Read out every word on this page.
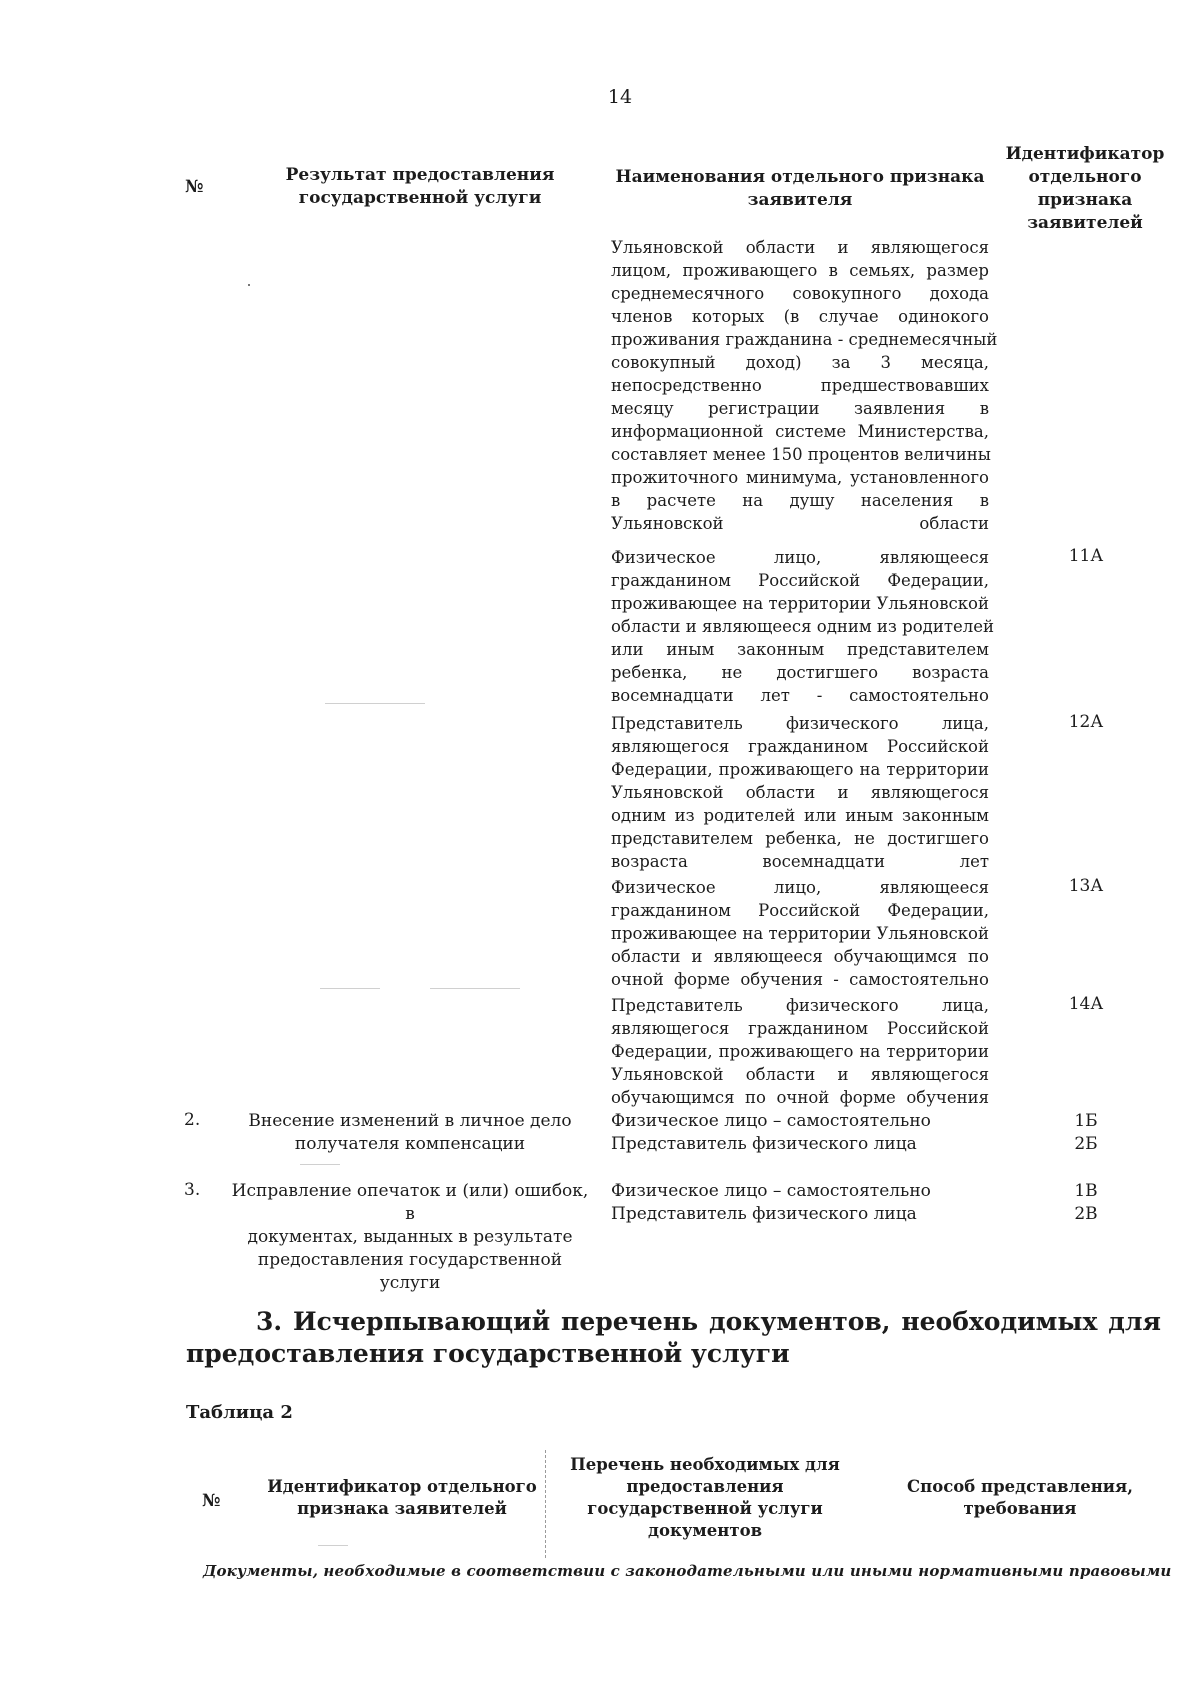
14
№
Результат предоставления
государственной услуги
Наименования отдельного признака
заявителя
Идентификатор
отдельного
признака
заявителей
Ульяновской области и являющегося
лицом, проживающего в семьях, размер
среднемесячного совокупного дохода
членов которых (в случае одинокого
проживания гражданина - среднемесячный
совокупный доход) за 3 месяца,
непосредственно предшествовавших
месяцу регистрации заявления в
информационной системе Министерства,
составляет менее 150 процентов величины
прожиточного минимума, установленного
в расчете на душу населения в
Ульяновской области
Физическое лицо, являющееся
гражданином Российской Федерации,
проживающее на территории Ульяновской
области и являющееся одним из родителей
или иным законным представителем
ребенка, не достигшего возраста
восемнадцати лет - самостоятельно
11А
Представитель физического лица,
являющегося гражданином Российской
Федерации, проживающего на территории
Ульяновской области и являющегося
одним из родителей или иным законным
представителем ребенка, не достигшего
возраста восемнадцати лет
12А
Физическое лицо, являющееся
гражданином Российской Федерации,
проживающее на территории Ульяновской
области и являющееся обучающимся по
очной форме обучения - самостоятельно
13А
Представитель физического лица,
являющегося гражданином Российской
Федерации, проживающего на территории
Ульяновской области и являющегося
обучающимся по очной форме обучения
14А
2.	Внесение изменений в личное дело
получателя компенсации
Физическое лицо – самостоятельно
Представитель физического лица
1Б
2Б
3.	Исправление опечаток и (или) ошибок, в
документах, выданных в результате
предоставления государственной услуги
Физическое лицо – самостоятельно
Представитель физического лица
1В
2В
3. Исчерпывающий перечень документов, необходимых для
предоставления государственной услуги
Таблица 2
№
Идентификатор отдельного
признака заявителей
Перечень необходимых для
предоставления
государственной услуги
документов
Способ представления,
требования
Документы, необходимые в соответствии с законодательными или иными нормативными правовыми
